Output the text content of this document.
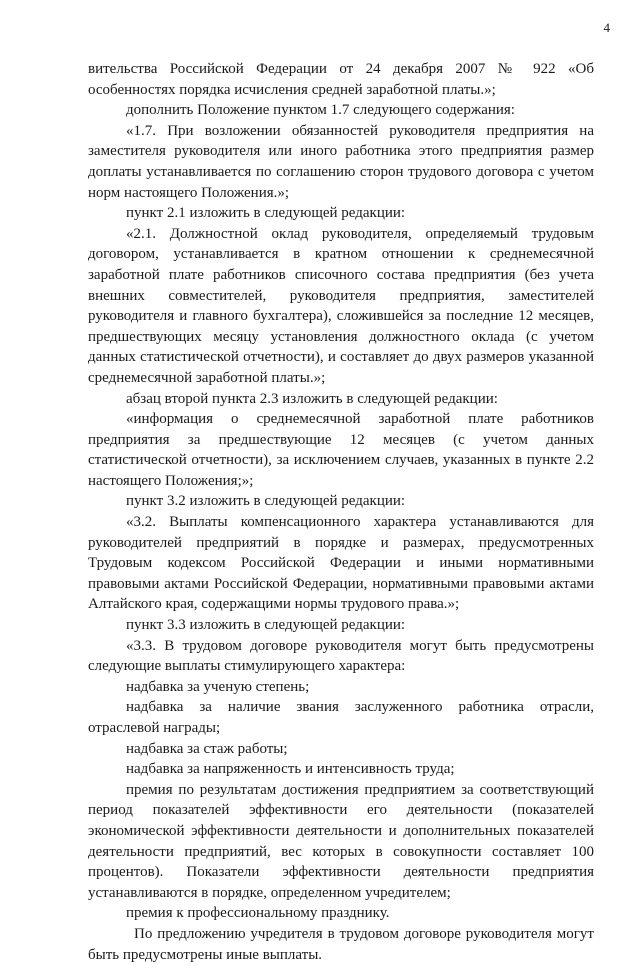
4

вительства Российской Федерации от 24 декабря 2007 № 922 «Об особенностях порядка исчисления средней заработной платы.»;

дополнить Положение пунктом 1.7 следующего содержания:

«1.7. При возложении обязанностей руководителя предприятия на заместителя руководителя или иного работника этого предприятия размер доплаты устанавливается по соглашению сторон трудового договора с учетом норм настоящего Положения.»;

пункт 2.1 изложить в следующей редакции:

«2.1. Должностной оклад руководителя, определяемый трудовым договором, устанавливается в кратном отношении к среднемесячной заработной плате работников списочного состава предприятия (без учета внешних совместителей, руководителя предприятия, заместителей руководителя и главного бухгалтера), сложившейся за последние 12 месяцев, предшествующих месяцу установления должностного оклада (с учетом данных статистической отчетности), и составляет до двух размеров указанной среднемесячной заработной платы.»;

абзац второй пункта 2.3 изложить в следующей редакции:

«информация о среднемесячной заработной плате работников предприятия за предшествующие 12 месяцев (с учетом данных статистической отчетности), за исключением случаев, указанных в пункте 2.2 настоящего Положения;»;

пункт 3.2 изложить в следующей редакции:

«3.2. Выплаты компенсационного характера устанавливаются для руководителей предприятий в порядке и размерах, предусмотренных Трудовым кодексом Российской Федерации и иными нормативными правовыми актами Российской Федерации, нормативными правовыми актами Алтайского края, содержащими нормы трудового права.»;

пункт 3.3 изложить в следующей редакции:

«3.3. В трудовом договоре руководителя могут быть предусмотрены следующие выплаты стимулирующего характера:

надбавка за ученую степень;

надбавка за наличие звания заслуженного работника отрасли, отраслевой награды;

надбавка за стаж работы;

надбавка за напряженность и интенсивность труда;

премия по результатам достижения предприятием за соответствующий период показателей эффективности его деятельности (показателей экономической эффективности деятельности и дополнительных показателей деятельности предприятий, вес которых в совокупности составляет 100 процентов). Показатели эффективности деятельности предприятия устанавливаются в порядке, определенном учредителем;

премия к профессиональному празднику.

По предложению учредителя в трудовом договоре руководителя могут быть предусмотрены иные выплаты.
